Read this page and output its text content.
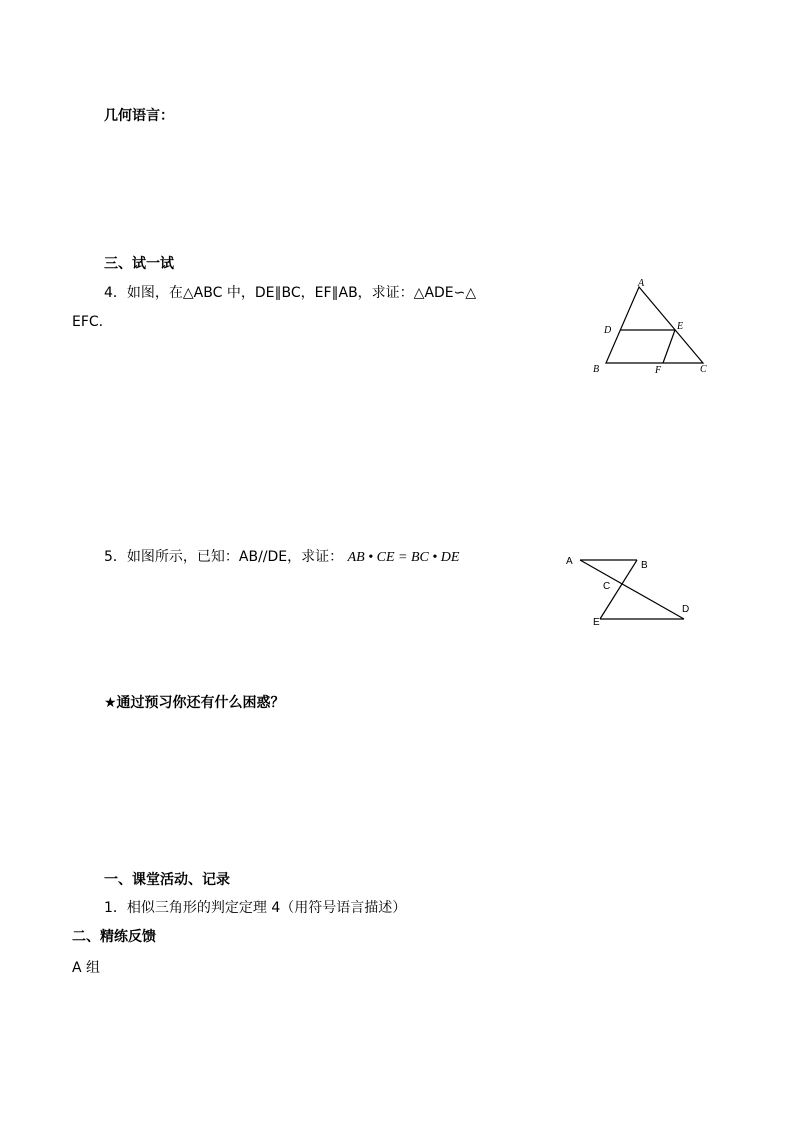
几何语言：
三、试一试
4．如图，在△ABC 中，DE∥BC，EF∥AB，求证：△ADE∽△
EFC.
A
D	E
B	F	C
5．如图所示，已知：AB//DE，求证： AB • CE = BC • DE	A	B
C
D
E
★通过预习你还有什么困惑？
一、课堂活动、记录
1．相似三角形的判定定理 4（用符号语言描述）
二、精练反馈
A 组
